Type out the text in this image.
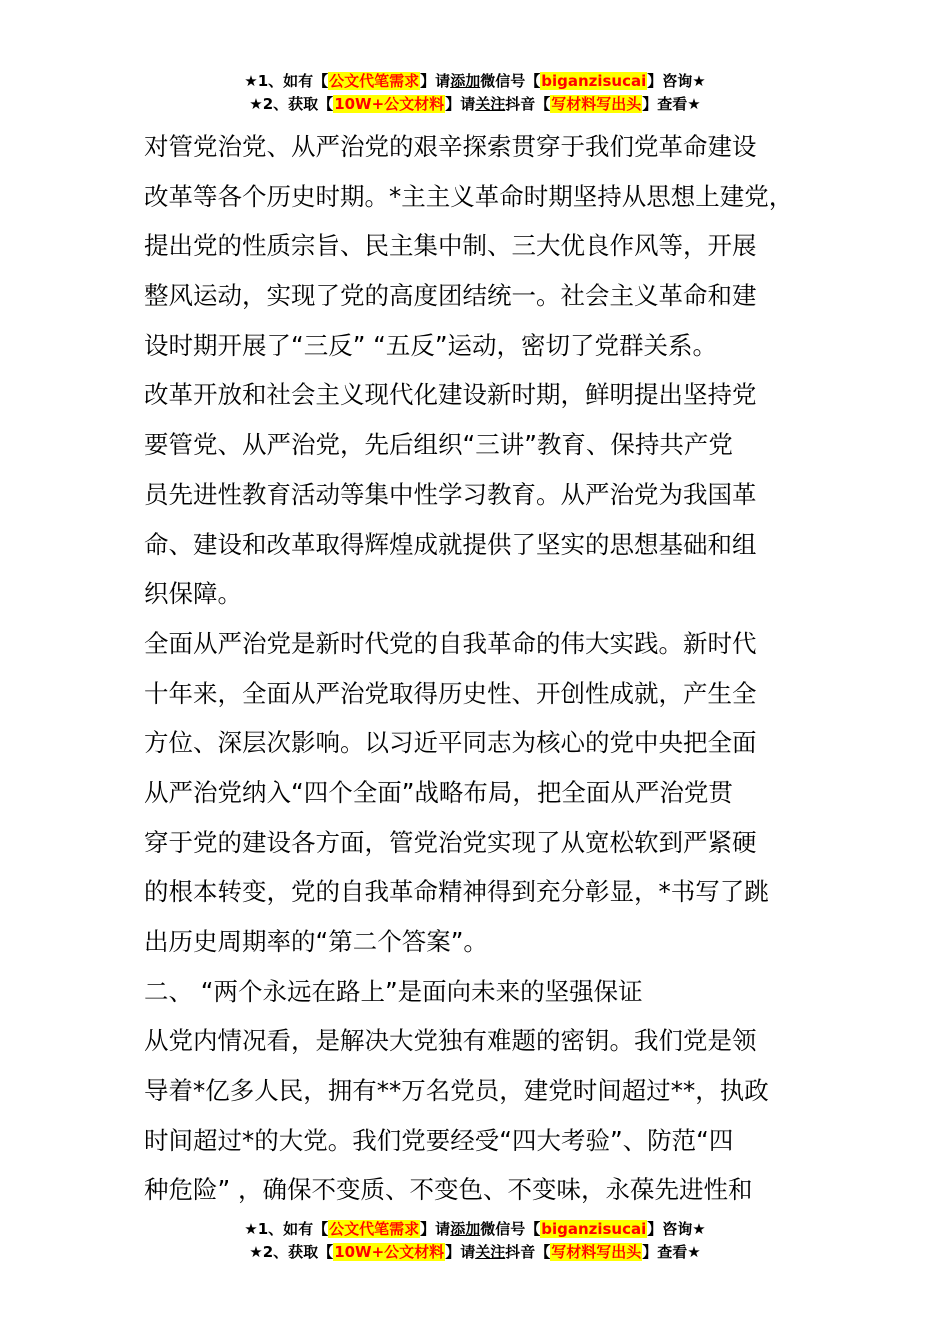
★1、如有【公文代笔需求】请添加微信号【biganzisucai】咨询★
★2、获取【10W+公文材料】请关注抖音【写材料写出头】查看★
对管党治党、从严治党的艰辛探索贯穿于我们党革命建设
改革等各个历史时期。*主主义革命时期坚持从思想上建党，
提出党的性质宗旨、民主集中制、三大优良作风等，开展
整风运动，实现了党的高度团结统一。社会主义革命和建
设时期开展了“三反” “五反”运动，密切了党群关系。
改革开放和社会主义现代化建设新时期，鲜明提出坚持党
要管党、从严治党，先后组织“三讲”教育、保持共产党
员先进性教育活动等集中性学习教育。从严治党为我国革
命、建设和改革取得辉煌成就提供了坚实的思想基础和组
织保障。
全面从严治党是新时代党的自我革命的伟大实践。新时代
十年来，全面从严治党取得历史性、开创性成就，产生全
方位、深层次影响。以习近平同志为核心的党中央把全面
从严治党纳入“四个全面”战略布局，把全面从严治党贯
穿于党的建设各方面，管党治党实现了从宽松软到严紧硬
的根本转变，党的自我革命精神得到充分彰显，*书写了跳
出历史周期率的“第二个答案”。
二、 “两个永远在路上”是面向未来的坚强保证
从党内情况看，是解决大党独有难题的密钥。我们党是领
导着*亿多人民，拥有**万名党员，建党时间超过**，执政
时间超过*的大党。我们党要经受“四大考验”、防范“四
种危险” ，确保不变质、不变色、不变味，永葆先进性和
★1、如有【公文代笔需求】请添加微信号【biganzisucai】咨询★
★2、获取【10W+公文材料】请关注抖音【写材料写出头】查看★
